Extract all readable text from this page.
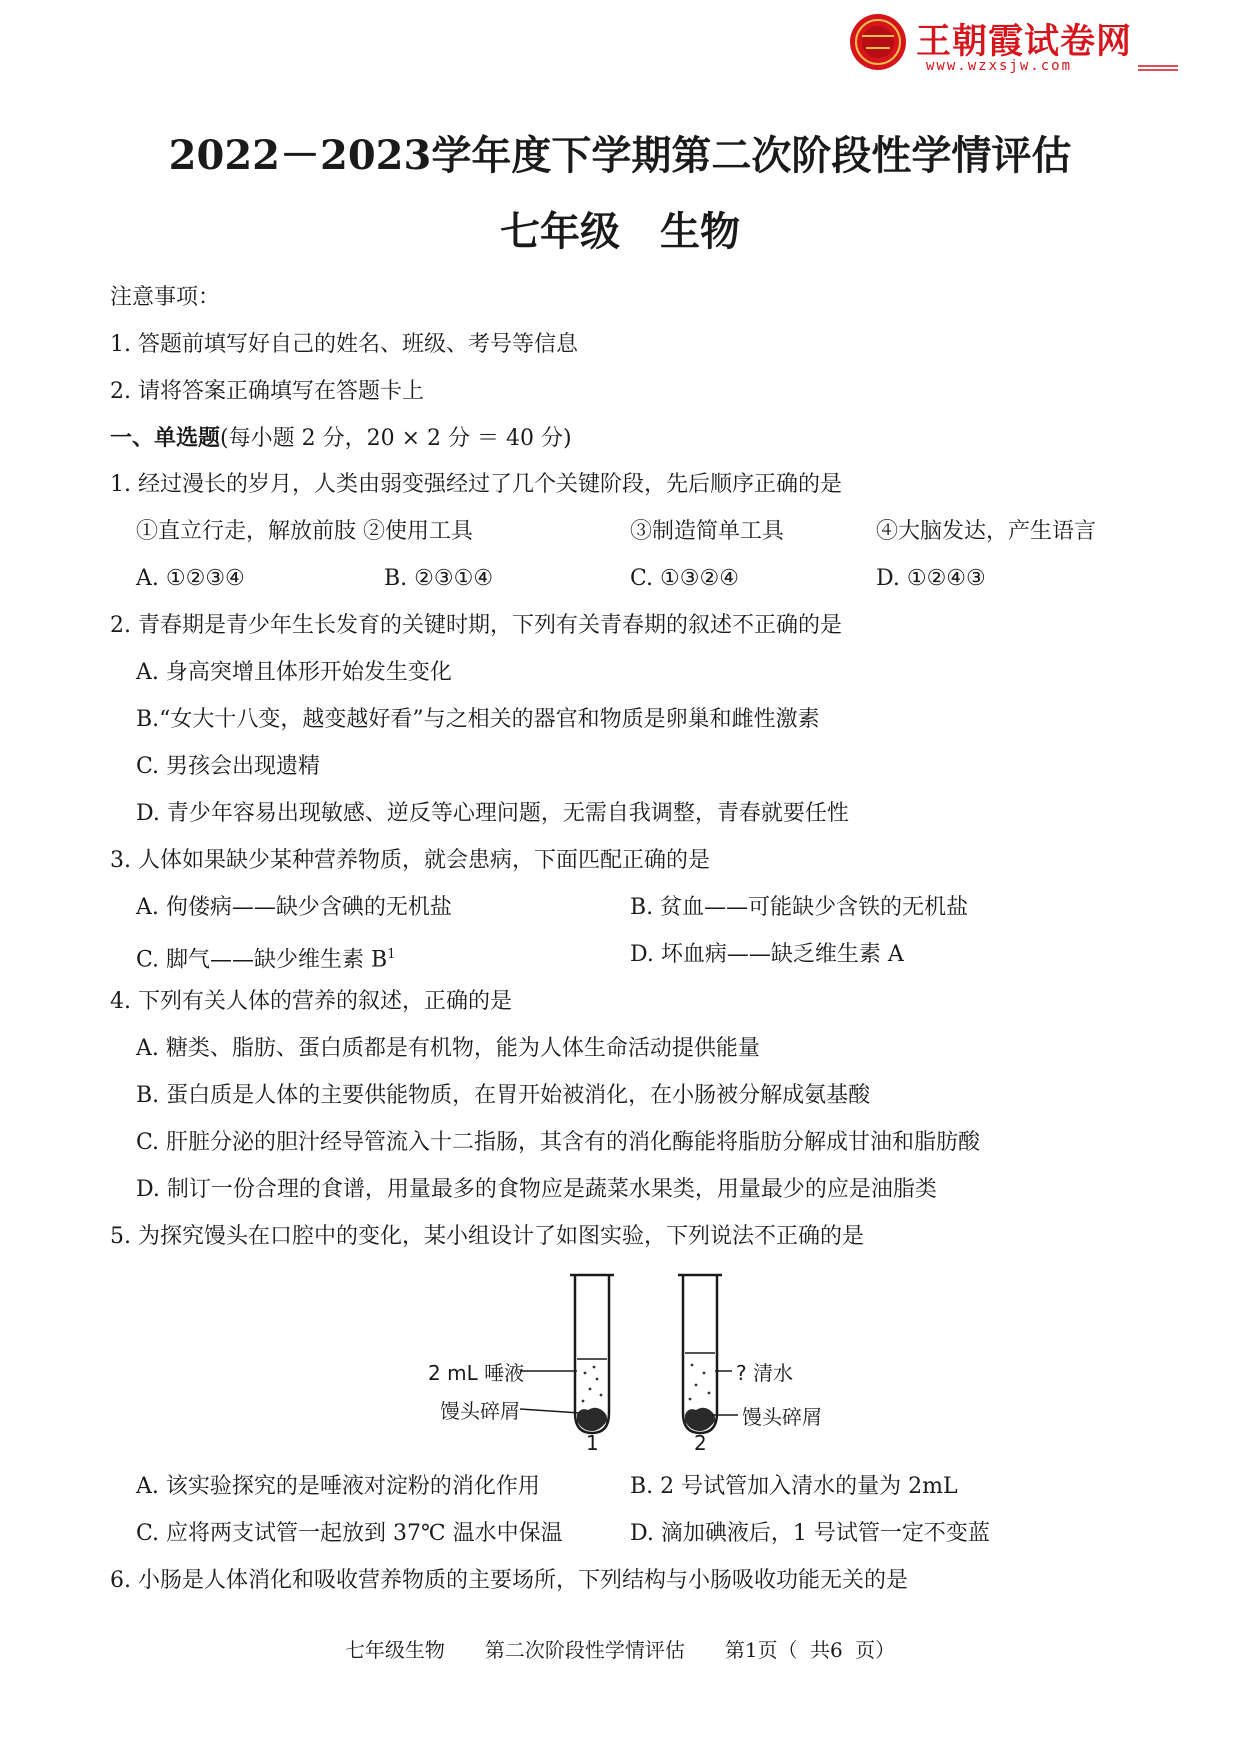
王朝霞试卷网
www.wzxsjw.com
2022－2023学年度下学期第二次阶段性学情评估
七年级　生物
注意事项：
1. 答题前填写好自己的姓名、班级、考号等信息
2. 请将答案正确填写在答题卡上
一、单选题(每小题 2 分，20 × 2 分 ＝ 40 分)
1. 经过漫长的岁月，人类由弱变强经过了几个关键阶段，先后顺序正确的是
①直立行走，解放前肢 ②使用工具	③制造简单工具	④大脑发达，产生语言
A. ①②③④	B. ②③①④	C. ①③②④	D. ①②④③
2. 青春期是青少年生长发育的关键时期，下列有关青春期的叙述不正确的是
A. 身高突增且体形开始发生变化
B.“女大十八变，越变越好看”与之相关的器官和物质是卵巢和雌性激素
C. 男孩会出现遗精
D. 青少年容易出现敏感、逆反等心理问题，无需自我调整，青春就要任性
3. 人体如果缺少某种营养物质，就会患病，下面匹配正确的是
A. 佝偻病——缺少含碘的无机盐	B. 贫血——可能缺少含铁的无机盐
C. 脚气——缺少维生素 $B^1$	D. 坏血病——缺乏维生素 A
4. 下列有关人体的营养的叙述，正确的是
A. 糖类、脂肪、蛋白质都是有机物，能为人体生命活动提供能量
B. 蛋白质是人体的主要供能物质，在胃开始被消化，在小肠被分解成氨基酸
C. 肝脏分泌的胆汁经导管流入十二指肠，其含有的消化酶能将脂肪分解成甘油和脂肪酸
D. 制订一份合理的食谱，用量最多的食物应是蔬菜水果类，用量最少的应是油脂类
5. 为探究馒头在口腔中的变化，某小组设计了如图实验，下列说法不正确的是
2 mL 唾液
馒头碎屑
? 清水
馒头碎屑
1	2
A. 该实验探究的是唾液对淀粉的消化作用	B. 2 号试管加入清水的量为 2mL
C. 应将两支试管一起放到 37℃ 温水中保温	D. 滴加碘液后，1 号试管一定不变蓝
6. 小肠是人体消化和吸收营养物质的主要场所，下列结构与小肠吸收功能无关的是
七年级生物　　第二次阶段性学情评估　　第1页（ 共6 页）
